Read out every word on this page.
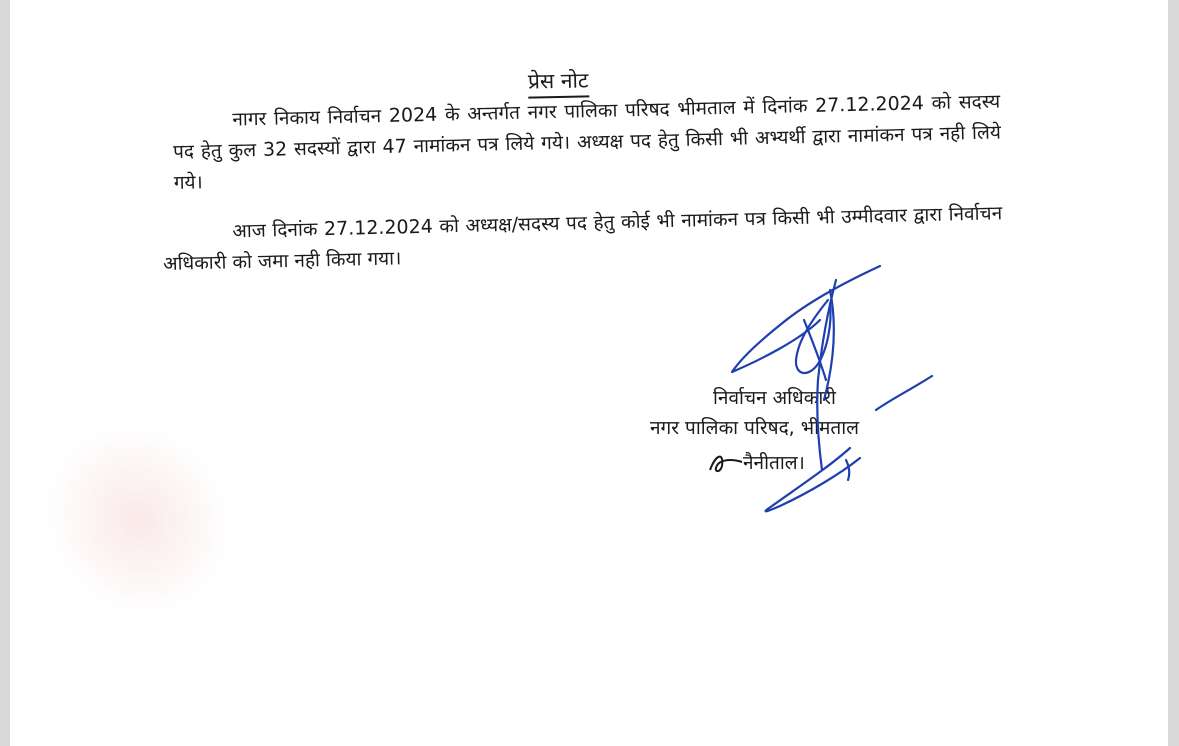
प्रेस नोट
नागर निकाय निर्वाचन 2024 के अन्तर्गत नगर पालिका परिषद भीमताल में दिनांक 27.12.2024 को सदस्य पद हेतु कुल 32 सदस्यों द्वारा 47 नामांकन पत्र लिये गये। अध्यक्ष पद हेतु किसी भी अभ्यर्थी द्वारा नामांकन पत्र नही लिये गये।
आज दिनांक 27.12.2024 को अध्यक्ष/सदस्य पद हेतु कोई भी नामांकन पत्र किसी भी उम्मीदवार द्वारा निर्वाचन अधिकारी को जमा नही किया गया।
निर्वाचन अधिकारी
नगर पालिका परिषद, भीमताल
नैनीताल।
